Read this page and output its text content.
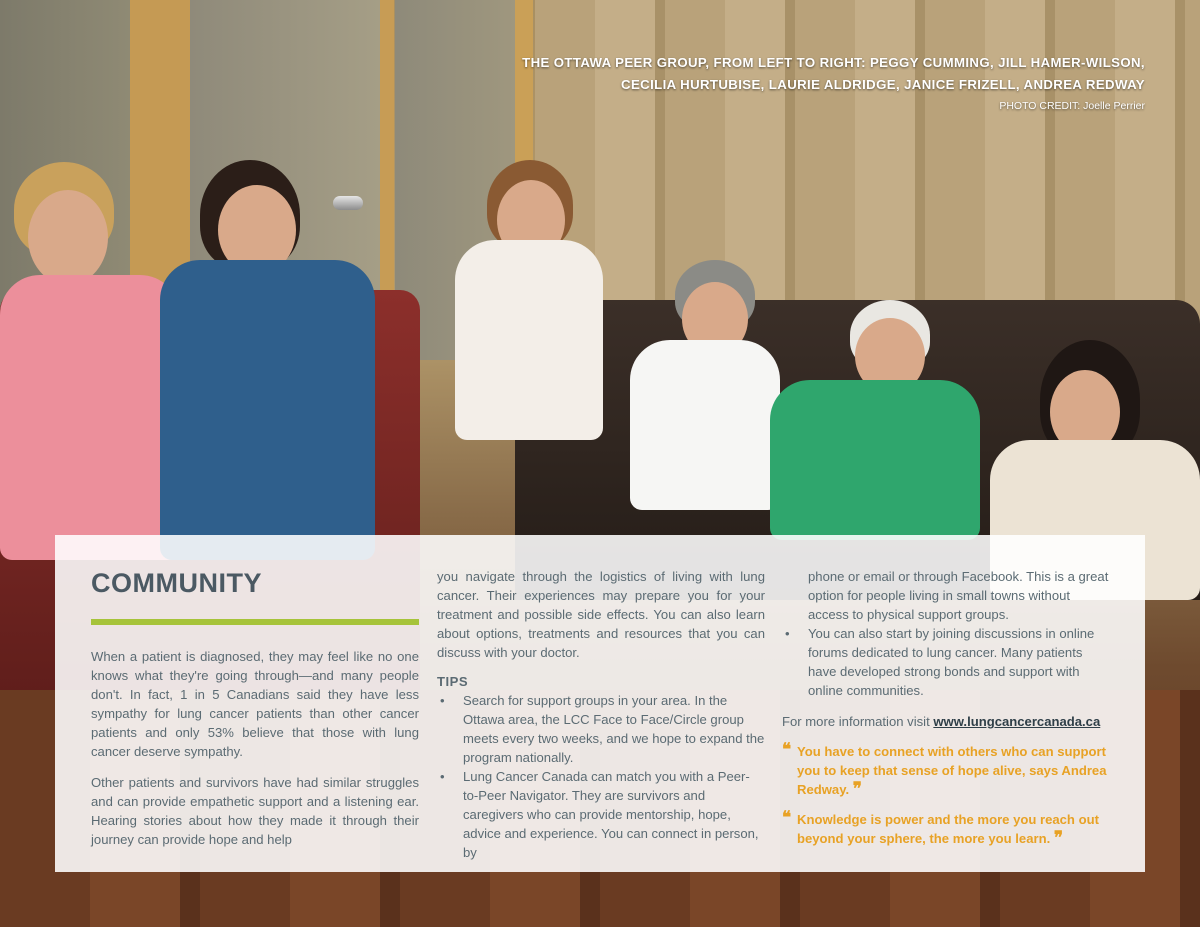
THE OTTAWA PEER GROUP, FROM LEFT TO RIGHT: PEGGY CUMMING, JILL HAMER-WILSON,
CECILIA HURTUBISE, LAURIE ALDRIDGE, JANICE FRIZELL, ANDREA REDWAY
PHOTO CREDIT: Joelle Perrier
COMMUNITY

When a patient is diagnosed, they may feel like no one knows what they're going through—and many people don't. In fact, 1 in 5 Canadians said they have less sympathy for lung cancer patients than other cancer patients and only 53% believe that those with lung cancer deserve sympathy.

Other patients and survivors have had similar struggles and can provide empathetic support and a listening ear. Hearing stories about how they made it through their journey can provide hope and help

you navigate through the logistics of living with lung cancer. Their experiences may prepare you for your treatment and possible side effects. You can also learn about options, treatments and resources that you can discuss with your doctor.
TIPS
• Search for support groups in your area. In the Ottawa area, the LCC Face to Face/Circle group meets every two weeks, and we hope to expand the program nationally.
• Lung Cancer Canada can match you with a Peer-to-Peer Navigator. They are survivors and caregivers who can provide mentorship, hope, advice and experience. You can connect in person, by
phone or email or through Facebook. This is a great option for people living in small towns without access to physical support groups.
• You can also start by joining discussions in online forums dedicated to lung cancer. Many patients have developed strong bonds and support with online communities.
For more information visit www.lungcancercanada.ca
❝ You have to connect with others who can support you to keep that sense of hope alive, says Andrea Redway. ❞
❝ Knowledge is power and the more you reach out beyond your sphere, the more you learn. ❞
